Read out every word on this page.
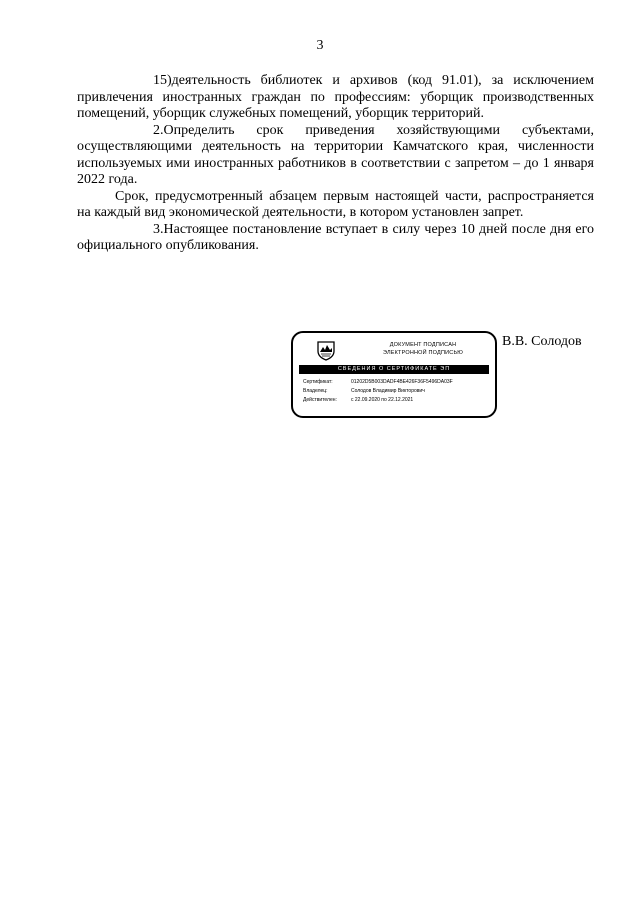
3

15)деятельность библиотек и архивов (код 91.01), за исключением привлечения иностранных граждан по профессиям: уборщик производственных помещений, уборщик служебных помещений, уборщик территорий.

2.Определить срок приведения хозяйствующими субъектами, осуществляющими деятельность на территории Камчатского края, численности используемых ими иностранных работников в соответствии с запретом – до 1 января 2022 года.

Срок, предусмотренный абзацем первым настоящей части, распространяется на каждый вид экономической деятельности, в котором установлен запрет.

3.Настоящее постановление вступает в силу через 10 дней после дня его официального опубликования.

ДОКУМЕНТ ПОДПИСАН
ЭЛЕКТРОННОЙ ПОДПИСЬЮ
СВЕДЕНИЯ О СЕРТИФИКАТЕ ЭП
Сертификат:	01202D5B003DADF4BE426F36F5496DA03F
Владелец:	Солодов Владимир Викторович
Действителен:	с 22.09.2020 по 22.12.2021
В.В. Солодов
